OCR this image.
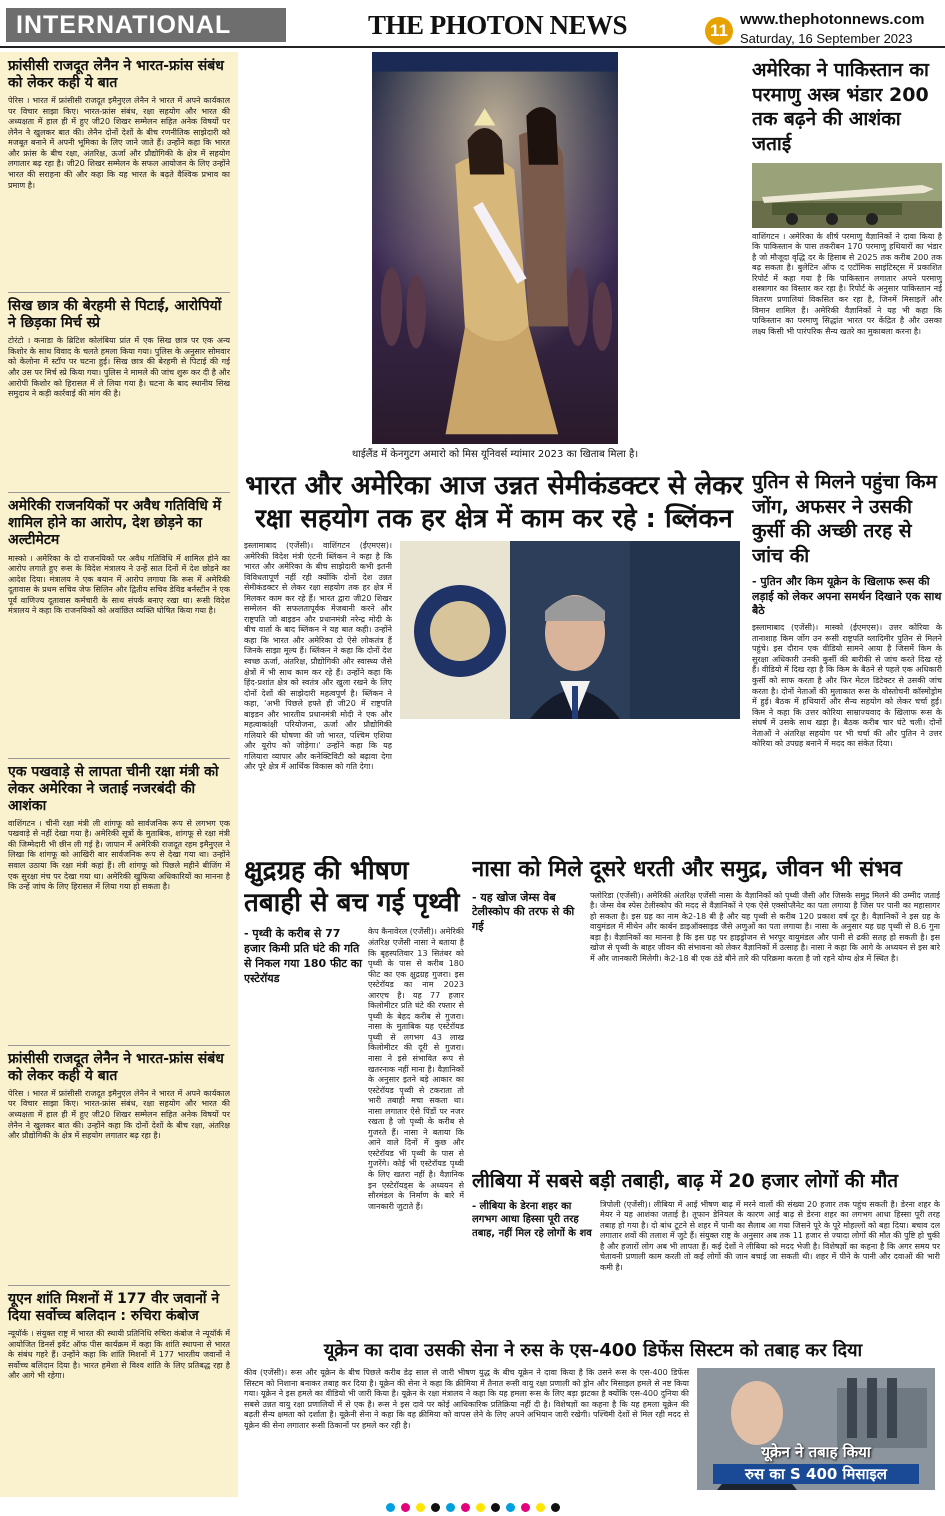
INTERNATIONAL	THE PHOTON NEWS	11
www.thephotonnews.com
Saturday, 16 September 2023
फ्रांसीसी राजदूत लेनैन ने भारत-फ्रांस संबंध को लेकर कही ये बात
पेरिस । भारत में फ्रांसीसी राजदूत इमैनुएल लेनैन ने भारत में अपने कार्यकाल पर विचार साझा किए। भारत-फ्रांस संबंध, रक्षा सहयोग और भारत की अध्यक्षता में हाल ही में हुए जी20 शिखर सम्मेलन सहित अनेक विषयों पर लेनैन ने खुलकर बात की। लेनैन दोनों देशों के बीच रणनीतिक साझेदारी को मजबूत बनाने में अपनी भूमिका के लिए जाने जाते हैं। उन्होंने कहा कि भारत और फ्रांस के बीच रक्षा, अंतरिक्ष, ऊर्जा और प्रौद्योगिकी के क्षेत्र में सहयोग लगातार बढ़ रहा है। जी20 शिखर सम्मेलन के सफल आयोजन के लिए उन्होंने भारत की सराहना की और कहा कि यह भारत के बढ़ते वैश्विक प्रभाव का प्रमाण है।
सिख छात्र की बेरहमी से पिटाई, आरोपियों ने छिड़का मिर्च स्प्रे
टोरंटो । कनाडा के ब्रिटिश कोलंबिया प्रांत में एक सिख छात्र पर एक अन्य किशोर के साथ विवाद के चलते हमला किया गया। पुलिस के अनुसार सोमवार को केलोना में स्टॉप पर घटना हुई। सिख छात्र की बेरहमी से पिटाई की गई और उस पर मिर्च स्प्रे किया गया। पुलिस ने मामले की जांच शुरू कर दी है और आरोपी किशोर को हिरासत में ले लिया गया है। घटना के बाद स्थानीय सिख समुदाय ने कड़ी कार्रवाई की मांग की है।
अमेरिकी राजनयिकों पर अवैध गतिविधि में शामिल होने का आरोप, देश छोड़ने का अल्टीमेटम
मास्को । अमेरिका के दो राजनयिकों पर अवैध गतिविधि में शामिल होने का आरोप लगाते हुए रूस के विदेश मंत्रालय ने उन्हें सात दिनों में देश छोड़ने का आदेश दिया। मंत्रालय ने एक बयान में आरोप लगाया कि रूस में अमेरिकी दूतावास के प्रथम सचिव जेफ सिलिन और द्वितीय सचिव डेविड बर्नस्टीन ने एक पूर्व वाणिज्य दूतावास कर्मचारी के साथ संपर्क बनाए रखा था। रूसी विदेश मंत्रालय ने कहा कि राजनयिकों को अवांछित व्यक्ति घोषित किया गया है।
एक पखवाड़े से लापता चीनी रक्षा मंत्री को लेकर अमेरिका ने जताई नजरबंदी की आशंका
वाशिंगटन । चीनी रक्षा मंत्री ली शांगफू को सार्वजनिक रूप से लगभग एक पखवाड़े से नहीं देखा गया है। अमेरिकी सूत्रों के मुताबिक, शांगफू से रक्षा मंत्री की जिम्मेदारी भी छीन ली गई है। जापान में अमेरिकी राजदूत रहम इमैनुएल ने लिखा कि शांगफू को आखिरी बार सार्वजनिक रूप से देखा गया था। उन्होंने सवाल उठाया कि रक्षा मंत्री कहां हैं। ली शांगफू को पिछले महीने बीजिंग में एक सुरक्षा मंच पर देखा गया था। अमेरिकी खुफिया अधिकारियों का मानना है कि उन्हें जांच के लिए हिरासत में लिया गया हो सकता है।
फ्रांसीसी राजदूत लेनैन ने भारत-फ्रांस संबंध को लेकर कही ये बात
पेरिस । भारत में फ्रांसीसी राजदूत इमैनुएल लेनैन ने भारत में अपने कार्यकाल पर विचार साझा किए। भारत-फ्रांस संबंध, रक्षा सहयोग और भारत की अध्यक्षता में हाल ही में हुए जी20 शिखर सम्मेलन सहित अनेक विषयों पर लेनैन ने खुलकर बात की। उन्होंने कहा कि दोनों देशों के बीच रक्षा, अंतरिक्ष और प्रौद्योगिकी के क्षेत्र में सहयोग लगातार बढ़ रहा है।
यूएन शांति मिशनों में 177 वीर जवानों ने दिया सर्वोच्च बलिदान : रुचिरा कंबोज
न्यूयॉर्क । संयुक्त राष्ट्र में भारत की स्थायी प्रतिनिधि रुचिरा कंबोज ने न्यूयॉर्क में आयोजित डिनर्स इवेंट ऑफ पीस कार्यक्रम में कहा कि शांति स्थापना से भारत के संबंध गहरे हैं। उन्होंने कहा कि शांति मिशनों में 177 भारतीय जवानों ने सर्वोच्च बलिदान दिया है। भारत हमेशा से विश्व शांति के लिए प्रतिबद्ध रहा है और आगे भी रहेगा।
थाईलैंड में केनगुटग अमारो को मिस यूनिवर्स म्यांमार 2023 का खिताब मिला है।
अमेरिका ने पाकिस्तान का परमाणु अस्त्र भंडार 200 तक बढ़ने की आशंका जताई
वाशिंगटन । अमेरिका के शीर्ष परमाणु वैज्ञानिकों ने दावा किया है कि पाकिस्तान के पास तकरीबन 170 परमाणु हथियारों का भंडार है जो मौजूदा वृद्धि दर के हिसाब से 2025 तक करीब 200 तक बढ़ सकता है। बुलेटिन ऑफ द एटॉमिक साइंटिस्ट्स में प्रकाशित रिपोर्ट में कहा गया है कि पाकिस्तान लगातार अपने परमाणु शस्त्रागार का विस्तार कर रहा है। रिपोर्ट के अनुसार पाकिस्तान नई वितरण प्रणालियां विकसित कर रहा है, जिनमें मिसाइलें और विमान शामिल हैं। अमेरिकी वैज्ञानिकों ने यह भी कहा कि पाकिस्तान का परमाणु सिद्धांत भारत पर केंद्रित है और उसका लक्ष्य किसी भी पारंपरिक सैन्य खतरे का मुकाबला करना है।
भारत और अमेरिका आज उन्नत सेमीकंडक्टर से लेकर रक्षा सहयोग तक हर क्षेत्र में काम कर रहे : ब्लिंकन
इस्लामाबाद (एजेंसी)। वाशिंगटन (ईएमएस)। अमेरिकी विदेश मंत्री एंटनी ब्लिंकन ने कहा है कि भारत और अमेरिका के बीच साझेदारी कभी इतनी विविधतापूर्ण नहीं रही क्योंकि दोनों देश उन्नत सेमीकंडक्टर से लेकर रक्षा सहयोग तक हर क्षेत्र में मिलकर काम कर रहे हैं। भारत द्वारा जी20 शिखर सम्मेलन की सफलतापूर्वक मेजबानी करने और राष्ट्रपति जो बाइडन और प्रधानमंत्री नरेन्द्र मोदी के बीच वार्ता के बाद ब्लिंकन ने यह बात कही। उन्होंने कहा कि भारत और अमेरिका दो ऐसे लोकतंत्र हैं जिनके साझा मूल्य हैं। ब्लिंकन ने कहा कि दोनों देश स्वच्छ ऊर्जा, अंतरिक्ष, प्रौद्योगिकी और स्वास्थ्य जैसे क्षेत्रों में भी साथ काम कर रहे हैं। उन्होंने कहा कि हिंद-प्रशांत क्षेत्र को स्वतंत्र और खुला रखने के लिए दोनों देशों की साझेदारी महत्वपूर्ण है। ब्लिंकन ने कहा, 'अभी पिछले हफ्ते ही जी20 में राष्ट्रपति बाइडन और भारतीय प्रधानमंत्री मोदी ने एक और महत्वाकांक्षी परियोजना, ऊर्जा और प्रौद्योगिकी गलियारे की घोषणा की जो भारत, पश्चिम एशिया और यूरोप को जोड़ेगा।' उन्होंने कहा कि यह गलियारा व्यापार और कनेक्टिविटी को बढ़ावा देगा और पूरे क्षेत्र में आर्थिक विकास को गति देगा।
पुतिन से मिलने पहुंचा किम जोंग, अफसर ने उसकी कुर्सी की अच्छी तरह से जांच की
- पुतिन और किम यूक्रेन के खिलाफ रूस की लड़ाई को लेकर अपना समर्थन दिखाने एक साथ बैठे
इस्लामाबाद (एजेंसी)। मास्को (ईएमएस)। उत्तर कोरिया के तानाशाह किम जोंग उन रूसी राष्ट्रपति व्लादिमीर पुतिन से मिलने पहुंचे। इस दौरान एक वीडियो सामने आया है जिसमें किम के सुरक्षा अधिकारी उनकी कुर्सी की बारीकी से जांच करते दिख रहे हैं। वीडियो में दिख रहा है कि किम के बैठने से पहले एक अधिकारी कुर्सी को साफ करता है और फिर मेटल डिटेक्टर से उसकी जांच करता है। दोनों नेताओं की मुलाकात रूस के वोस्तोचनी कॉस्मोड्रोम में हुई। बैठक में हथियारों और सैन्य सहयोग को लेकर चर्चा हुई। किम ने कहा कि उत्तर कोरिया साम्राज्यवाद के खिलाफ रूस के संघर्ष में उसके साथ खड़ा है। बैठक करीब चार घंटे चली। दोनों नेताओं ने अंतरिक्ष सहयोग पर भी चर्चा की और पुतिन ने उत्तर कोरिया को उपग्रह बनाने में मदद का संकेत दिया।
क्षुद्रग्रह की भीषण तबाही से बच गई पृथ्वी
- पृथ्वी के करीब से 77 हजार किमी प्रति घंटे की गति से निकल गया 180 फीट का एस्टेरॉयड
केप कैनावेरल (एजेंसी)। अमेरिकी अंतरिक्ष एजेंसी नासा ने बताया है कि बृहस्पतिवार 13 सितंबर को पृथ्वी के पास से करीब 180 फीट का एक क्षुद्रग्रह गुजरा। इस एस्टेरॉयड का नाम 2023 आरएच है। यह 77 हजार किलोमीटर प्रति घंटे की रफ्तार से पृथ्वी के बेहद करीब से गुजरा। नासा के मुताबिक यह एस्टेरॉयड पृथ्वी से लगभग 43 लाख किलोमीटर की दूरी से गुजरा। नासा ने इसे संभावित रूप से खतरनाक नहीं माना है। वैज्ञानिकों के अनुसार इतने बड़े आकार का एस्टेरॉयड पृथ्वी से टकराता तो भारी तबाही मचा सकता था। नासा लगातार ऐसे पिंडों पर नजर रखता है जो पृथ्वी के करीब से गुजरते हैं। नासा ने बताया कि आने वाले दिनों में कुछ और एस्टेरॉयड भी पृथ्वी के पास से गुजरेंगे। कोई भी एस्टेरॉयड पृथ्वी के लिए खतरा नहीं है। वैज्ञानिक इन एस्टेरॉयड्स के अध्ययन से सौरमंडल के निर्माण के बारे में जानकारी जुटाते हैं।
नासा को मिले दूसरे धरती और समुद्र, जीवन भी संभव
- यह खोज जेम्स वेब टेलीस्कोप की तरफ से की गई
फ्लोरिडा (एजेंसी)। अमेरिकी अंतरिक्ष एजेंसी नासा के वैज्ञानिकों को पृथ्वी जैसी और जिसके समुद्र मिलने की उम्मीद जताई है। जेम्स वेब स्पेस टेलीस्कोप की मदद से वैज्ञानिकों ने एक ऐसे एक्सोप्लैनेट का पता लगाया है जिस पर पानी का महासागर हो सकता है। इस ग्रह का नाम के2-18 बी है और यह पृथ्वी से करीब 120 प्रकाश वर्ष दूर है। वैज्ञानिकों ने इस ग्रह के वायुमंडल में मीथेन और कार्बन डाइऑक्साइड जैसे अणुओं का पता लगाया है। नासा के अनुसार यह ग्रह पृथ्वी से 8.6 गुना बड़ा है। वैज्ञानिकों का मानना है कि इस ग्रह पर हाइड्रोजन से भरपूर वायुमंडल और पानी से ढकी सतह हो सकती है। इस खोज से पृथ्वी के बाहर जीवन की संभावना को लेकर वैज्ञानिकों में उत्साह है। नासा ने कहा कि आगे के अध्ययन से इस बारे में और जानकारी मिलेगी। के2-18 बी एक ठंडे बौने तारे की परिक्रमा करता है जो रहने योग्य क्षेत्र में स्थित है।
लीबिया में सबसे बड़ी तबाही, बाढ़ में 20 हजार लोगों की मौत
- लीबिया के डेरना शहर का लगभग आधा हिस्सा पूरी तरह तबाह, नहीं मिल रहे लोगों के शव
त्रिपोली (एजेंसी)। लीबिया में आई भीषण बाढ़ में मरने वालों की संख्या 20 हजार तक पहुंच सकती है। डेरना शहर के मेयर ने यह आशंका जताई है। तूफान डेनियल के कारण आई बाढ़ से डेरना शहर का लगभग आधा हिस्सा पूरी तरह तबाह हो गया है। दो बांध टूटने से शहर में पानी का सैलाब आ गया जिसने पूरे के पूरे मोहल्लों को बहा दिया। बचाव दल लगातार शवों की तलाश में जुटे हैं। संयुक्त राष्ट्र के अनुसार अब तक 11 हजार से ज्यादा लोगों की मौत की पुष्टि हो चुकी है और हजारों लोग अब भी लापता हैं। कई देशों ने लीबिया को मदद भेजी है। विशेषज्ञों का कहना है कि अगर समय पर चेतावनी प्रणाली काम करती तो कई लोगों की जान बचाई जा सकती थी। शहर में पीने के पानी और दवाओं की भारी कमी है।
यूक्रेन का दावा उसकी सेना ने रुस के एस-400 डिफेंस सिस्टम को तबाह कर दिया
कीव (एजेंसी)। रूस और यूक्रेन के बीच पिछले करीब डेढ़ साल से जारी भीषण युद्ध के बीच यूक्रेन ने दावा किया है कि उसने रूस के एस-400 डिफेंस सिस्टम को निशाना बनाकर तबाह कर दिया है। यूक्रेन की सेना ने कहा कि क्रीमिया में तैनात रूसी वायु रक्षा प्रणाली को ड्रोन और मिसाइल हमले से नष्ट किया गया। यूक्रेन ने इस हमले का वीडियो भी जारी किया है। यूक्रेन के रक्षा मंत्रालय ने कहा कि यह हमला रूस के लिए बड़ा झटका है क्योंकि एस-400 दुनिया की सबसे उन्नत वायु रक्षा प्रणालियों में से एक है। रूस ने इस दावे पर कोई आधिकारिक प्रतिक्रिया नहीं दी है। विशेषज्ञों का कहना है कि यह हमला यूक्रेन की बढ़ती सैन्य क्षमता को दर्शाता है। यूक्रेनी सेना ने कहा कि वह क्रीमिया को वापस लेने के लिए अपने अभियान जारी रखेगी। पश्चिमी देशों से मिल रही मदद से यूक्रेन की सेना लगातार रूसी ठिकानों पर हमले कर रही है।
यूक्रेन ने तबाह किया
रुस का S 400 मिसाइल
